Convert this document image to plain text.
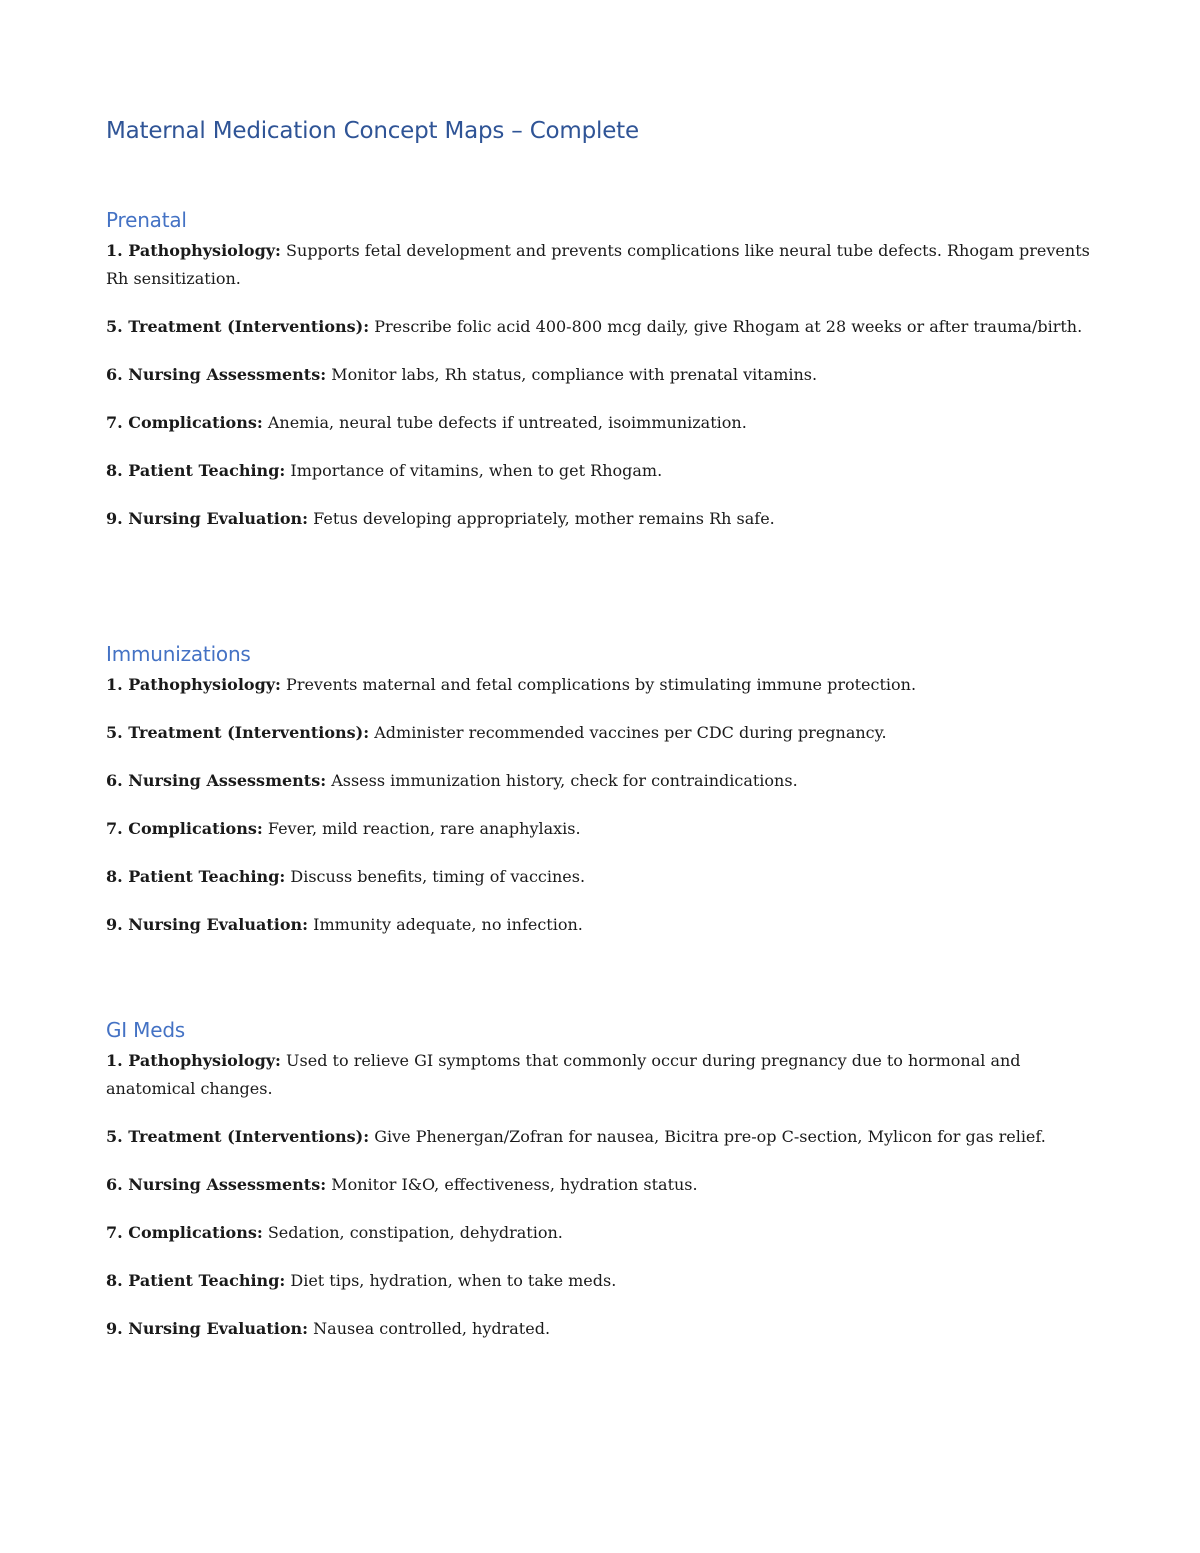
Maternal Medication Concept Maps – Complete
Prenatal

1. Pathophysiology: Supports fetal development and prevents complications like neural tube defects. Rhogam prevents Rh sensitization.

5. Treatment (Interventions): Prescribe folic acid 400-800 mcg daily, give Rhogam at 28 weeks or after trauma/birth.

6. Nursing Assessments: Monitor labs, Rh status, compliance with prenatal vitamins.

7. Complications: Anemia, neural tube defects if untreated, isoimmunization.

8. Patient Teaching: Importance of vitamins, when to get Rhogam.

9. Nursing Evaluation: Fetus developing appropriately, mother remains Rh safe.

Immunizations

1. Pathophysiology: Prevents maternal and fetal complications by stimulating immune protection.

5. Treatment (Interventions): Administer recommended vaccines per CDC during pregnancy.

6. Nursing Assessments: Assess immunization history, check for contraindications.

7. Complications: Fever, mild reaction, rare anaphylaxis.

8. Patient Teaching: Discuss benefits, timing of vaccines.

9. Nursing Evaluation: Immunity adequate, no infection.

GI Meds

1. Pathophysiology: Used to relieve GI symptoms that commonly occur during pregnancy due to hormonal and anatomical changes.

5. Treatment (Interventions): Give Phenergan/Zofran for nausea, Bicitra pre-op C-section, Mylicon for gas relief.

6. Nursing Assessments: Monitor I&O, effectiveness, hydration status.

7. Complications: Sedation, constipation, dehydration.

8. Patient Teaching: Diet tips, hydration, when to take meds.

9. Nursing Evaluation: Nausea controlled, hydrated.
